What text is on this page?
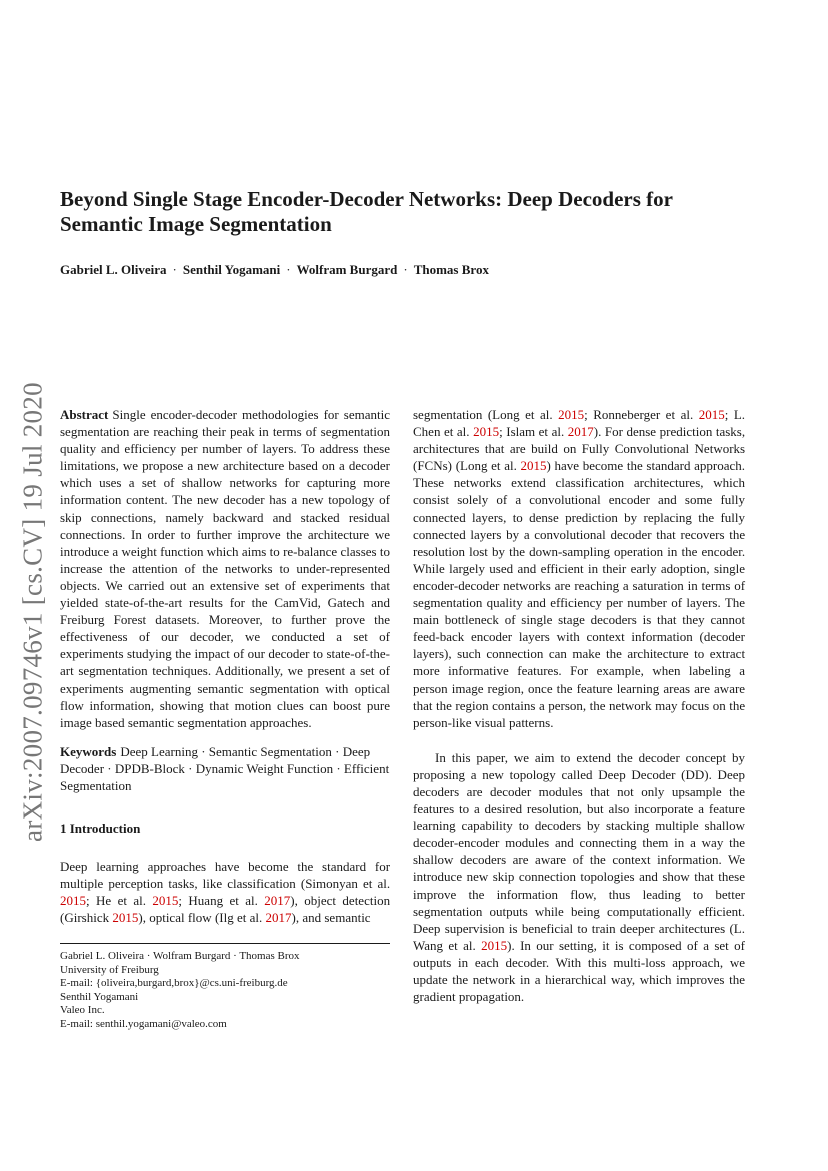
Beyond Single Stage Encoder-Decoder Networks: Deep Decoders for Semantic Image Segmentation
Gabriel L. Oliveira · Senthil Yogamani · Wolfram Burgard · Thomas Brox
arXiv:2007.09746v1 [cs.CV] 19 Jul 2020 Abstract Single encoder-decoder methodologies for semantic segmentation are reaching their peak in terms of segmentation quality and efficiency per number of layers. To address these limitations, we propose a new architecture based on a decoder which uses a set of shallow networks for capturing more information content. The new decoder has a new topology of skip connections, namely backward and stacked residual connections. In order to further improve the architecture we introduce a weight function which aims to re-balance classes to increase the attention of the networks to under-represented objects. We carried out an extensive set of experiments that yielded state-of-the-art results for the CamVid, Gatech and Freiburg Forest datasets. Moreover, to further prove the effectiveness of our decoder, we conducted a set of experiments studying the impact of our decoder to state-of-the-art segmentation techniques. Additionally, we present a set of experiments augmenting semantic segmentation with optical flow information, showing that motion clues can boost pure image based semantic segmentation approaches.

Keywords Deep Learning · Semantic Segmentation · Deep Decoder · DPDB-Block · Dynamic Weight Function · Efficient Segmentation

1 Introduction

Deep learning approaches have become the standard for multiple perception tasks, like classification (Simonyan et al. 2015; He et al. 2015; Huang et al. 2017), object detection (Girshick 2015), optical flow (Ilg et al. 2017), and semantic

segmentation (Long et al. 2015; Ronneberger et al. 2015; L. Chen et al. 2015; Islam et al. 2017). For dense prediction tasks, architectures that are build on Fully Convolutional Networks (FCNs) (Long et al. 2015) have become the standard approach. These networks extend classification architectures, which consist solely of a convolutional encoder and some fully connected layers, to dense prediction by replacing the fully connected layers by a convolutional decoder that recovers the resolution lost by the down-sampling operation in the encoder. While largely used and efficient in their early adoption, single encoder-decoder networks are reaching a saturation in terms of segmentation quality and efficiency per number of layers. The main bottleneck of single stage decoders is that they cannot feed-back encoder layers with context information (decoder layers), such connection can make the architecture to extract more informative features. For example, when labeling a person image region, once the feature learning areas are aware that the region contains a person, the network may focus on the person-like visual patterns.

In this paper, we aim to extend the decoder concept by proposing a new topology called Deep Decoder (DD). Deep decoders are decoder modules that not only upsample the features to a desired resolution, but also incorporate a feature learning capability to decoders by stacking multiple shallow decoder-encoder modules and connecting them in a way the shallow decoders are aware of the context information. We introduce new skip connection topologies and show that these improve the information flow, thus leading to better segmentation outputs while being computationally efficient. Deep supervision is beneficial to train deeper architectures (L. Wang et al. 2015). In our setting, it is composed of a set of outputs in each decoder. With this multi-loss approach, we update the network in a hierarchical way, which improves the gradient propagation.

Gabriel L. Oliveira · Wolfram Burgard · Thomas Brox
University of Freiburg
E-mail: {oliveira,burgard,brox}@cs.uni-freiburg.de
Senthil Yogamani
Valeo Inc.
E-mail: senthil.yogamani@valeo.com
